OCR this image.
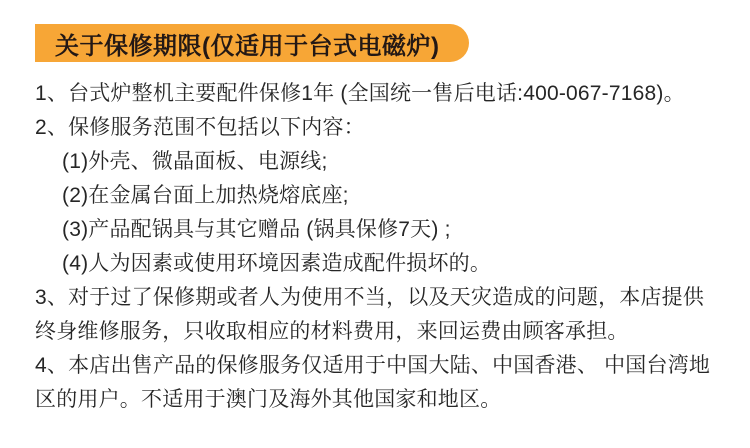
关于保修期限(仅适用于台式电磁炉)
1、台式炉整机主要配件保修1年 (全国统一售后电话:400-067-7168)。
2、保修服务范围不包括以下内容：
(1)外壳、微晶面板、电源线;
(2)在金属台面上加热烧熔底座;
(3)产品配锅具与其它赠品 (锅具保修7天) ;
(4)人为因素或使用环境因素造成配件损坏的。
3、对于过了保修期或者人为使用不当，以及天灾造成的问题，本店提供
终身维修服务，只收取相应的材料费用，来回运费由顾客承担。
4、本店出售产品的保修服务仅适用于中国大陆、中国香港、 中国台湾地
区的用户。不适用于澳门及海外其他国家和地区。
